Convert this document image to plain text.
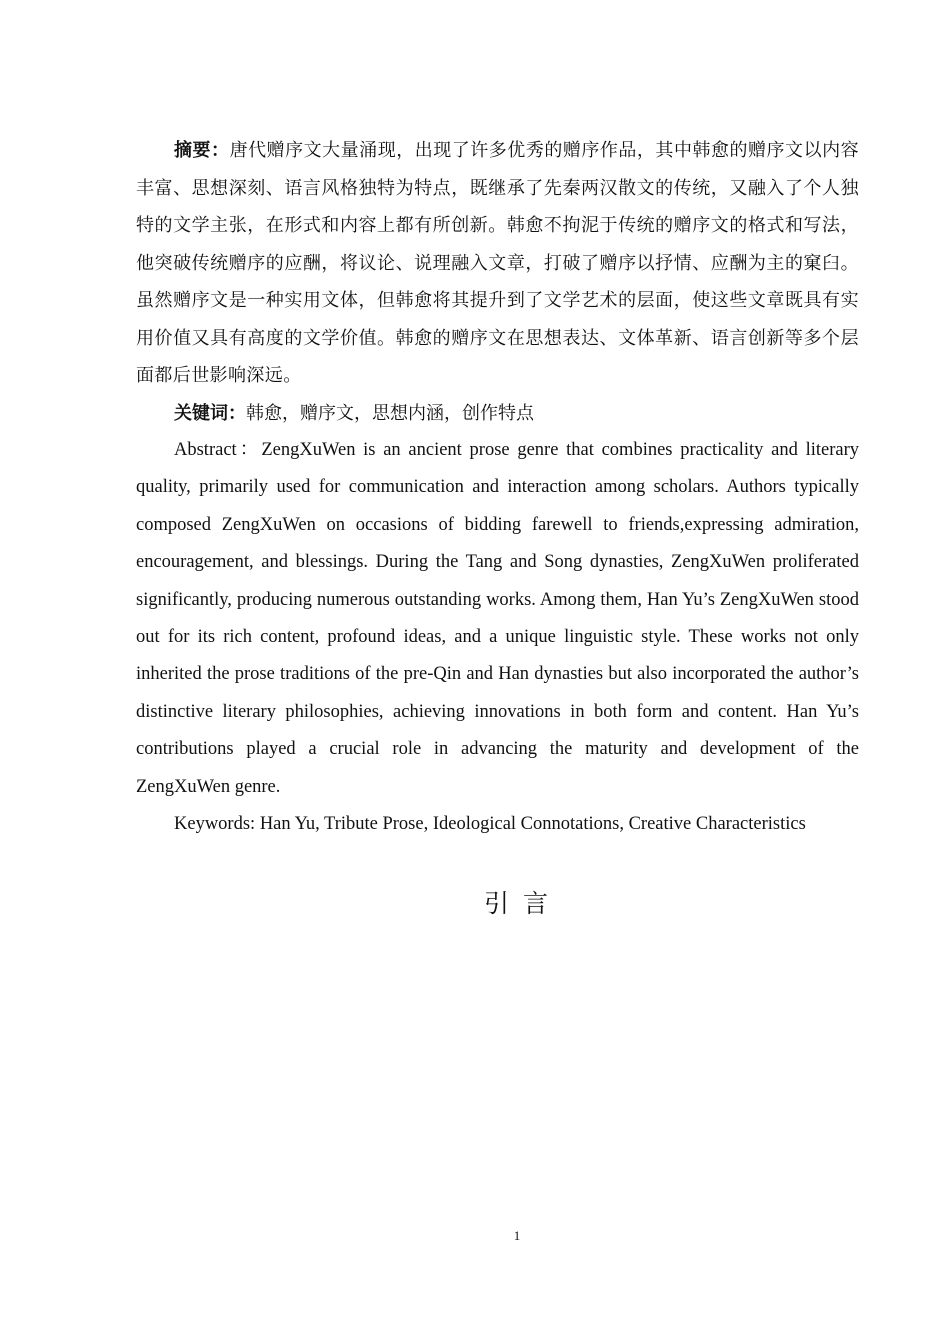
摘要：唐代赠序文大量涌现，出现了许多优秀的赠序作品，其中韩愈的赠序文以内容丰富、思想深刻、语言风格独特为特点，既继承了先秦两汉散文的传统，又融入了个人独特的文学主张，在形式和内容上都有所创新。韩愈不拘泥于传统的赠序文的格式和写法，他突破传统赠序的应酬，将议论、说理融入文章，打破了赠序以抒情、应酬为主的窠臼。虽然赠序文是一种实用文体，但韩愈将其提升到了文学艺术的层面，使这些文章既具有实用价值又具有高度的文学价值。韩愈的赠序文在思想表达、文体革新、语言创新等多个层面都后世影响深远。

关键词：韩愈，赠序文，思想内涵，创作特点

Abstract：ZengXuWen is an ancient prose genre that combines practicality and literary quality, primarily used for communication and interaction among scholars. Authors typically composed ZengXuWen on occasions of bidding farewell to friends,expressing admiration, encouragement, and blessings. During the Tang and Song dynasties, ZengXuWen proliferated significantly, producing numerous outstanding works. Among them, Han Yu’s ZengXuWen stood out for its rich content, profound ideas, and a unique linguistic style. These works not only inherited the prose traditions of the pre-Qin and Han dynasties but also incorporated the author’s distinctive literary philosophies, achieving innovations in both form and content. Han Yu’s contributions played a crucial role in advancing the maturity and development of the ZengXuWen genre.

Keywords: Han Yu, Tribute Prose, Ideological Connotations, Creative Characteristics

引言
1
